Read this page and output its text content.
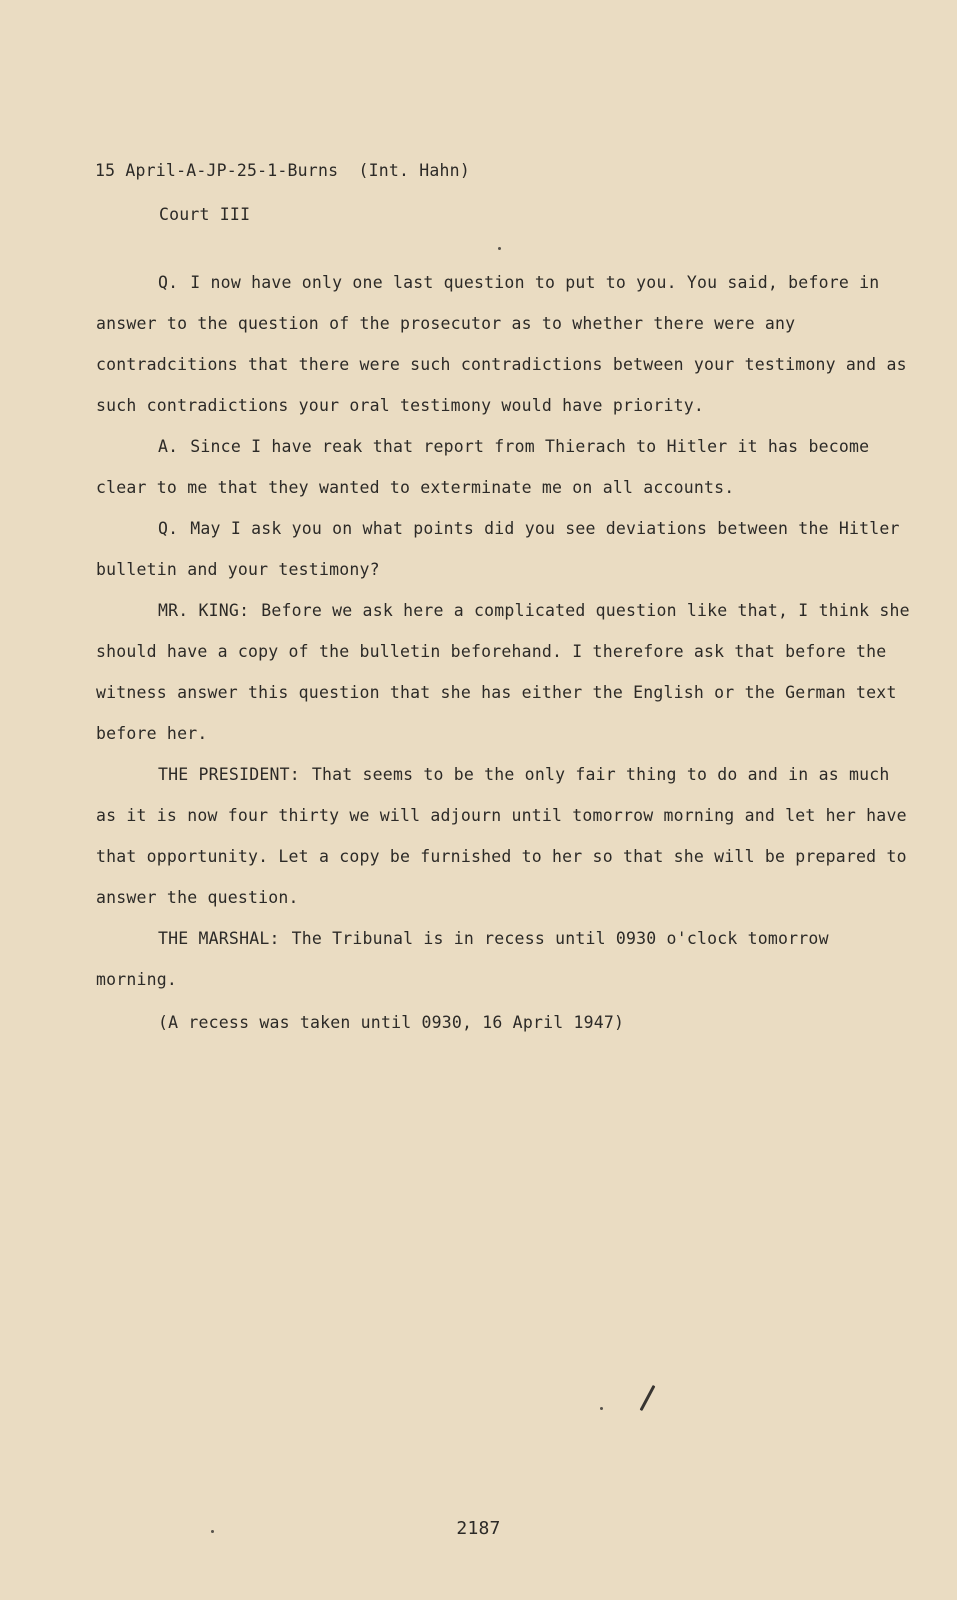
15 April-A-JP-25-1-Burns  (Int. Hahn)
Court III

Q. I now have only one last question to put to you. You said, before in answer to the question of the prosecutor as to whether there were any contradcitions that there were such contradictions between your testimony and as such contradictions your oral testimony would have priority.

A. Since I have reak that report from Thierach to Hitler it has become clear to me that they wanted to exterminate me on all accounts.

Q. May I ask you on what points did you see deviations between the Hitler bulletin and your testimony?

MR. KING: Before we ask here a complicated question like that, I think she should have a copy of the bulletin beforehand. I therefore ask that before the witness answer this question that she has either the English or the German text before her.

THE PRESIDENT: That seems to be the only fair thing to do and in as much as it is now four thirty we will adjourn until tomorrow morning and let her have that opportunity. Let a copy be furnished to her so that she will be prepared to answer the question.

THE MARSHAL: The Tribunal is in recess until 0930 o'clock tomorrow morning.

(A recess was taken until 0930, 16 April 1947)

2187
